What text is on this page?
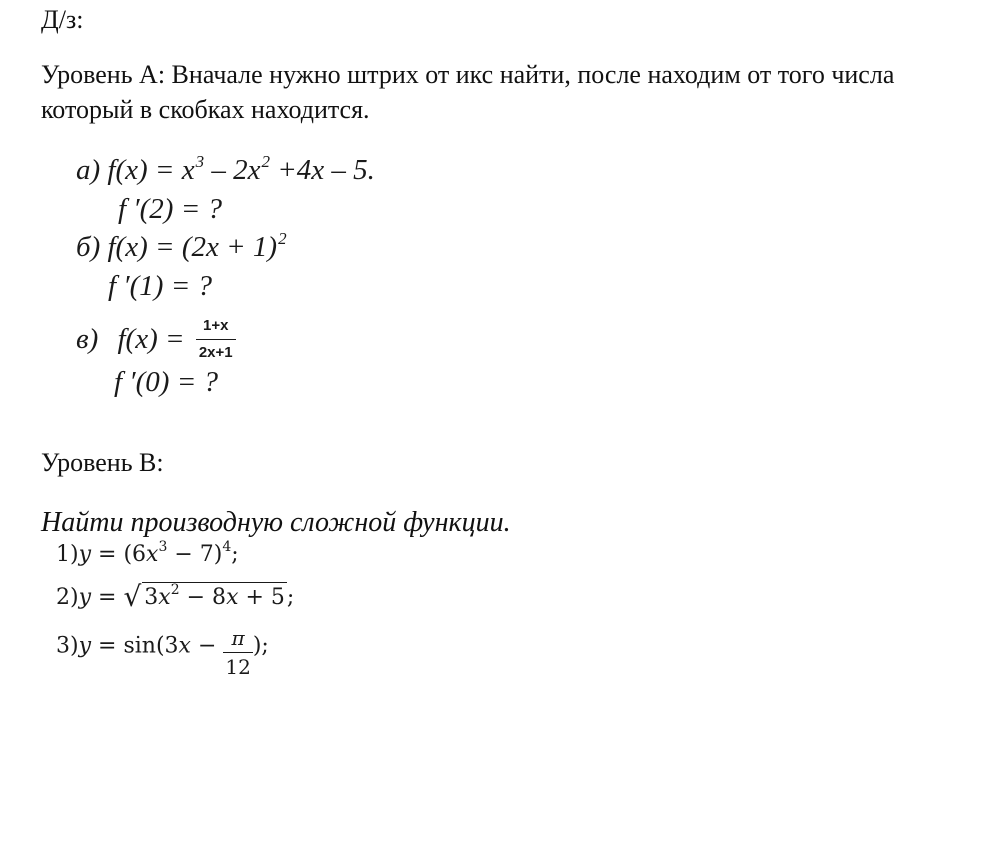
Д/з:
Уровень А: Вначале нужно штрих от икс найти, после находим от того числа
который в скобках находится.
а) $f(x) = x^3 - 2x^2 +4x - 5$.
f ′(2) = ?
б) $f(x) = (2x + 1)^2$
f ′(1) = ?
в) $f(x) = \frac{1+x}{2x+1}$
f ′(0) = ?
Уровень В:
Найти производную сложной функции.
$1)y = (6x^3 - 7)^4$;
2)y = √ $3x^2 - 8x + 5$;
$3)y = \sin(3x - \frac{\pi}{12}$ );
